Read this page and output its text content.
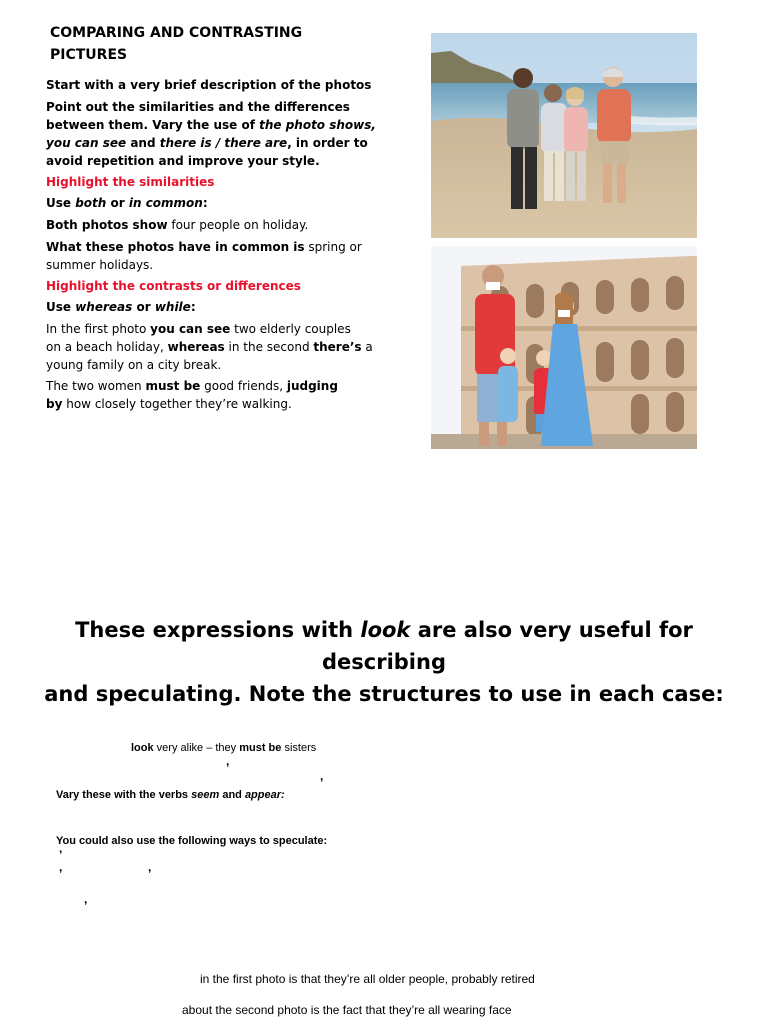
COMPARING AND CONTRASTING PICTURES
Start with a very brief description of the photos
Point out the similarities and the differences
between them. Vary the use of the photo shows,
you can see and there is / there are, in order to
avoid repetition and improve your style.
Highlight the similarities
Use both or in common:
Both photos show four people on holiday.
What these photos have in common is spring or
summer holidays.
Highlight the contrasts or differences
Use whereas or while:
In the first photo you can see two elderly couples
on a beach holiday, whereas in the second there’s a
young family on a city break.
The two women must be good friends, judging
by how closely together they’re walking.
These expressions with look are also very useful for describing
and speculating. Note the structures to use in each case:
look very alike – they must be sisters
,
,
Vary these with the verbs seem and appear:
You could also use the following ways to speculate:
’
,	,
,
in the first photo is that they’re all older people, probably retired
about the second photo is the fact that they’re all wearing face
